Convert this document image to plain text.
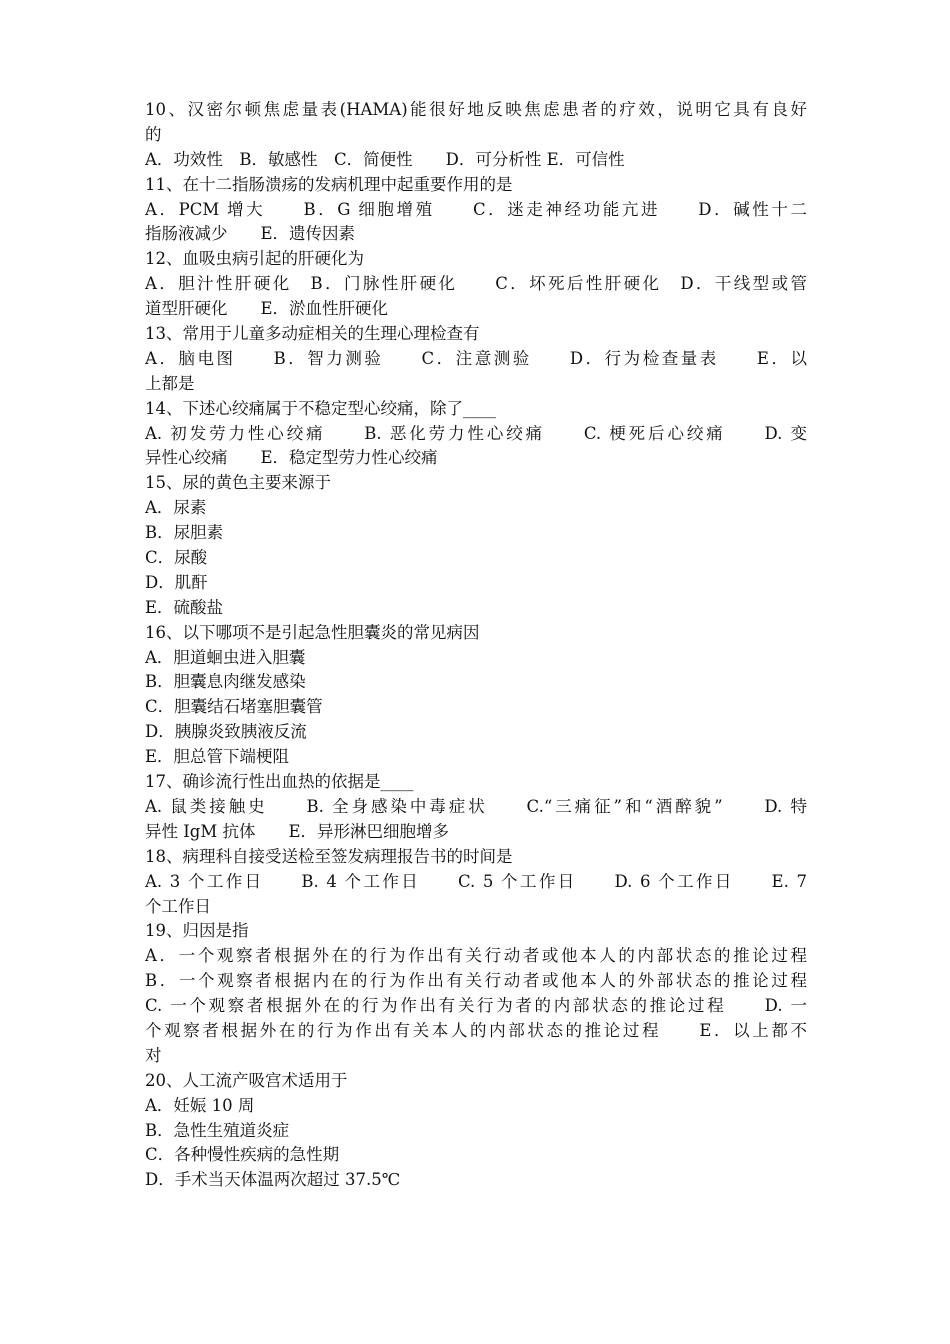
10、汉密尔顿焦虑量表(HAMA)能很好地反映焦虑患者的疗效，说明它具有良好
的
A．功效性　B．敏感性　C．简便性　　D．可分析性 E．可信性
11、在十二指肠溃疡的发病机理中起重要作用的是
A．PCM 增大　　B．G 细胞增殖　　C．迷走神经功能亢进　　D．碱性十二
指肠液减少　　E．遗传因素
12、血吸虫病引起的肝硬化为
A．胆汁性肝硬化　B．门脉性肝硬化　　C．坏死后性肝硬化　D．干线型或管
道型肝硬化　　E．淤血性肝硬化
13、常用于儿童多动症相关的生理心理检查有
A．脑电图　　B．智力测验　　C．注意测验　　D．行为检查量表　　E．以
上都是
14、下述心绞痛属于不稳定型心绞痛，除了____
A. 初发劳力性心绞痛　　B. 恶化劳力性心绞痛　　C. 梗死后心绞痛　　D. 变
异性心绞痛　　E．稳定型劳力性心绞痛
15、尿的黄色主要来源于
A．尿素
B．尿胆素
C．尿酸
D．肌酐
E．硫酸盐
16、以下哪项不是引起急性胆囊炎的常见病因
A．胆道蛔虫进入胆囊
B．胆囊息肉继发感染
C．胆囊结石堵塞胆囊管
D．胰腺炎致胰液反流
E．胆总管下端梗阻
17、确诊流行性出血热的依据是____
A. 鼠类接触史　　B. 全身感染中毒症状　　C.“三痛征”和“酒醉貌”　　D. 特
异性 IgM 抗体　　E．异形淋巴细胞增多
18、病理科自接受送检至签发病理报告书的时间是
A. 3 个工作日　　B. 4 个工作日　　C. 5 个工作日　　D. 6 个工作日　　E. 7
个工作日
19、归因是指
A．一个观察者根据外在的行为作出有关行动者或他本人的内部状态的推论过程
B．一个观察者根据内在的行为作出有关行动者或他本人的外部状态的推论过程
C. 一个观察者根据外在的行为作出有关行为者的内部状态的推论过程　　D. 一
个观察者根据外在的行为作出有关本人的内部状态的推论过程　　E．以上都不
对
20、人工流产吸宫术适用于
A．妊娠 10 周
B．急性生殖道炎症
C．各种慢性疾病的急性期
D．手术当天体温两次超过 37.5℃
